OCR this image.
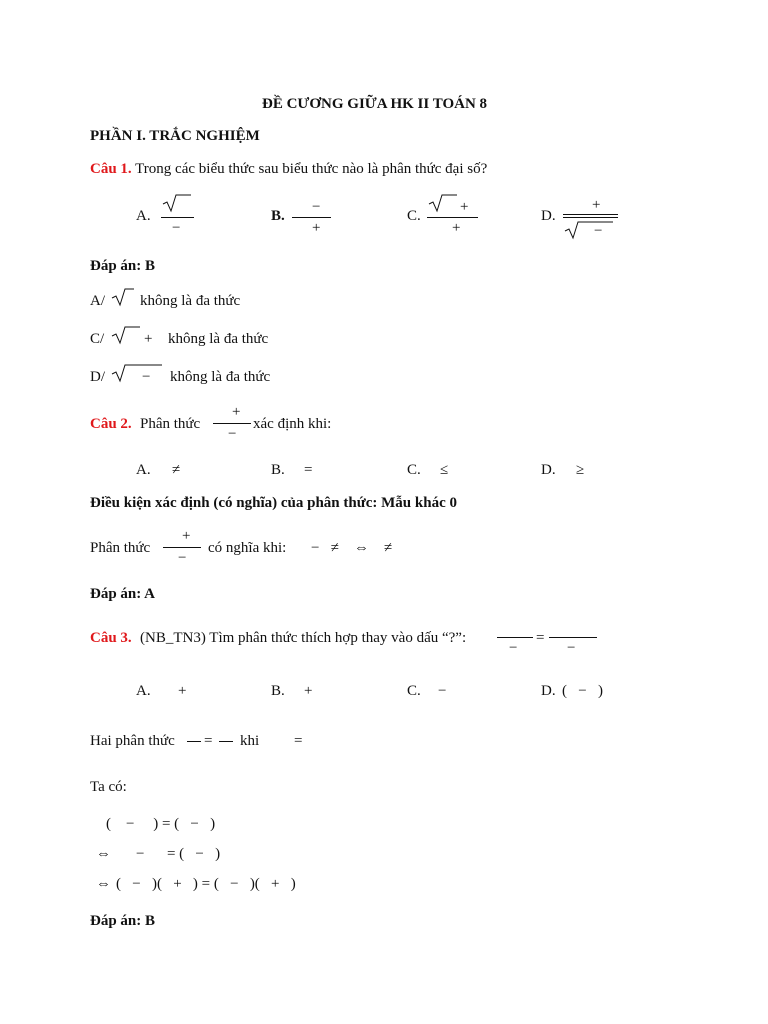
ĐỀ CƯƠNG GIỮA HK II TOÁN 8
PHẦN I. TRẮC NGHIỆM
Câu 1. Trong các biểu thức sau biểu thức nào là phân thức đại số?
A.
−
B.
−
+
C.
+
+
D.
+
−
Đáp án: B
A/ không là đa thức
C/	+ không là đa thức
D/ − không là đa thức
Câu 2. Phân thức
+
−
xác định khi:
A. ≠	B. =	C. ≤	D. ≥
Điều kiện xác định (có nghĩa) của phân thức: Mẫu khác 0
Phân thức
+
−
có nghĩa khi: −   ≠    ⇔    ≠
Đáp án: A
Câu 3. (NB_TN3) Tìm phân thức thích hợp thay vào dấu “?”:
−
=
−
A. +	B. +	C. −	D. (   −   )
Hai phân thức = khi =
Ta có:
(    −     ) = (   −   )
⇔ −      = (   −   )
⇔ (   −   )(   +   ) = (   −   )(   +   )
Đáp án: B
